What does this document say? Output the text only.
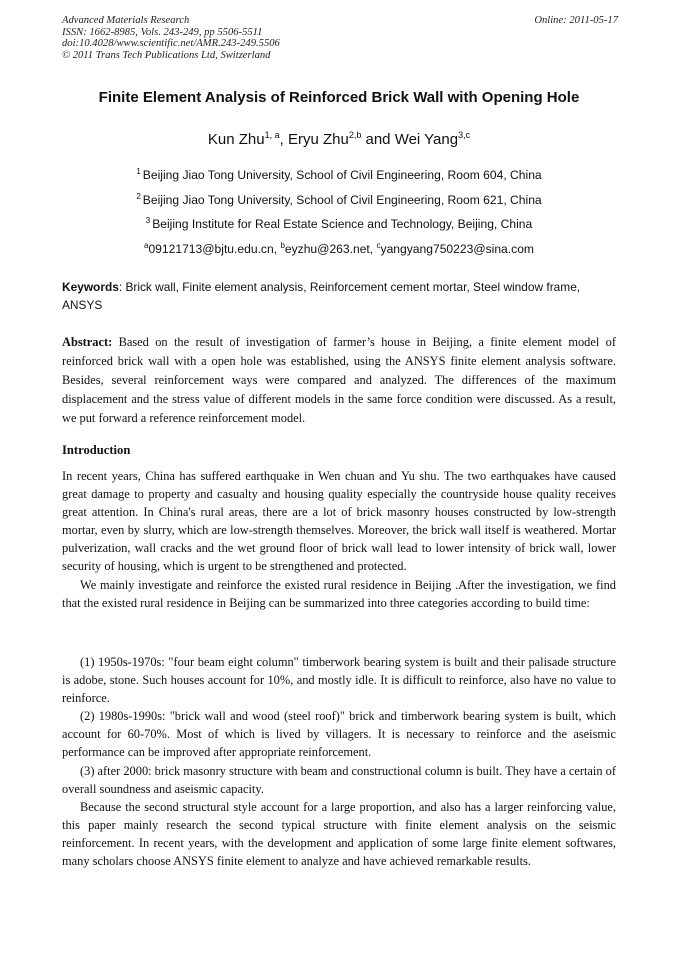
Advanced Materials Research
ISSN: 1662-8985, Vols. 243-249, pp 5506-5511
doi:10.4028/www.scientific.net/AMR.243-249.5506
© 2011 Trans Tech Publications Ltd, Switzerland
Online: 2011-05-17
Finite Element Analysis of Reinforced Brick Wall with Opening Hole
Kun Zhu$^{1, a}$, Eryu Zhu$^{2,b}$ and Wei Yang$^{3,c}$
$^1$ Beijing Jiao Tong University, School of Civil Engineering, Room 604, China
$^2$ Beijing Jiao Tong University, School of Civil Engineering, Room 621, China
$^3$ Beijing Institute for Real Estate Science and Technology, Beijing, China
$^a$09121713@bjtu.edu.cn, $^b$eyzhu@263.net, $^c$yangyang750223@sina.com
Keywords: Brick wall, Finite element analysis, Reinforcement cement mortar, Steel window frame, ANSYS
Abstract: Based on the result of investigation of farmer’s house in Beijing, a finite element model of reinforced brick wall with a open hole was established, using the ANSYS finite element analysis software. Besides, several reinforcement ways were compared and analyzed. The differences of the maximum displacement and the stress value of different models in the same force condition were discussed. As a result, we put forward a reference reinforcement model.
Introduction

In recent years, China has suffered earthquake in Wen chuan and Yu shu. The two earthquakes have caused great damage to property and casualty and housing quality especially the countryside house quality receives great attention. In China's rural areas, there are a lot of brick masonry houses constructed by low-strength mortar, even by slurry, which are low-strength themselves. Moreover, the brick wall itself is weathered. Mortar pulverization, wall cracks and the wet ground floor of brick wall lead to lower intensity of brick wall, lower security of housing, which is urgent to be strengthened and protected.

We mainly investigate and reinforce the existed rural residence in Beijing .After the investigation, we find that the existed rural residence in Beijing can be summarized into three categories according to build time:

(1) 1950s-1970s: "four beam eight column" timberwork bearing system is built and their palisade structure is adobe, stone. Such houses account for 10%, and mostly idle. It is difficult to reinforce, also have no value to reinforce.

(2) 1980s-1990s: "brick wall and wood (steel roof)" brick and timberwork bearing system is built, which account for 60-70%. Most of which is lived by villagers. It is necessary to reinforce and the aseismic performance can be improved after appropriate reinforcement.

(3) after 2000: brick masonry structure with beam and constructional column is built. They have a certain of overall soundness and aseismic capacity.

Because the second structural style account for a large proportion, and also has a larger reinforcing value, this paper mainly research the second typical structure with finite element analysis on the seismic reinforcement. In recent years, with the development and application of some large finite element softwares, many scholars choose ANSYS finite element to analyze and have achieved remarkable results.
